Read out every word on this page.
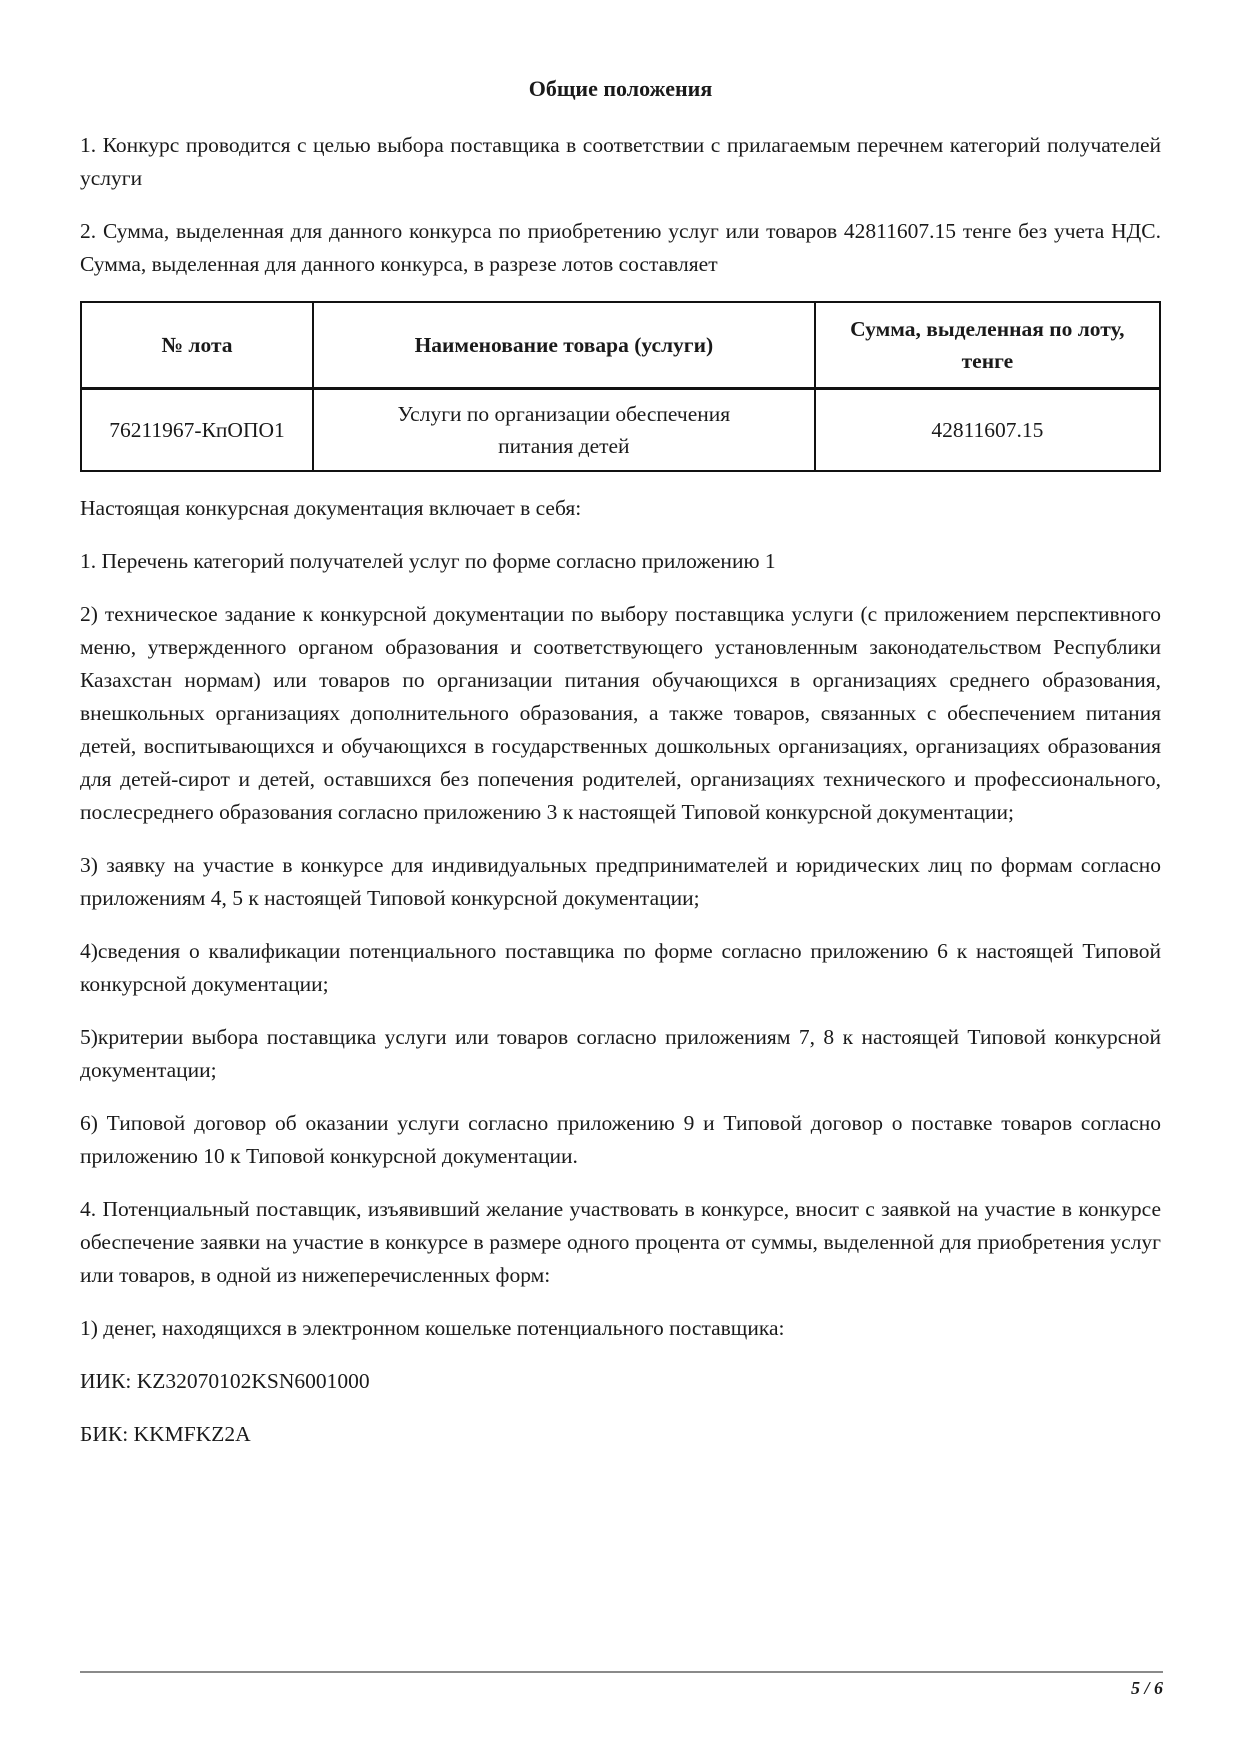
Общие положения

1. Конкурс проводится с целью выбора поставщика в соответствии с прилагаемым перечнем категорий получателей услуги

2. Сумма, выделенная для данного конкурса по приобретению услуг или товаров 42811607.15 тенге без учета НДС. Сумма, выделенная для данного конкурса, в разрезе лотов составляет

№ лота	Наименование товара (услуги)	Сумма, выделенная по лоту, тенге
76211967-КпОПО1	Услуги по организации обеспечения питания детей	42811607.15

Настоящая конкурсная документация включает в себя:

1. Перечень категорий получателей услуг по форме согласно приложению 1

2) техническое задание к конкурсной документации по выбору поставщика услуги (с приложением перспективного меню, утвержденного органом образования и соответствующего установленным законодательством Республики Казахстан нормам) или товаров по организации питания обучающихся в организациях среднего образования, внешкольных организациях дополнительного образования, а также товаров, связанных с обеспечением питания детей, воспитывающихся и обучающихся в государственных дошкольных организациях, организациях образования для детей-сирот и детей, оставшихся без попечения родителей, организациях технического и профессионального, послесреднего образования согласно приложению 3 к настоящей Типовой конкурсной документации;

3) заявку на участие в конкурсе для индивидуальных предпринимателей и юридических лиц по формам согласно приложениям 4, 5 к настоящей Типовой конкурсной документации;

4)сведения о квалификации потенциального поставщика по форме согласно приложению 6 к настоящей Типовой конкурсной документации;

5)критерии выбора поставщика услуги или товаров согласно приложениям 7, 8 к настоящей Типовой конкурсной документации;

6) Типовой договор об оказании услуги согласно приложению 9 и Типовой договор о поставке товаров согласно приложению 10 к Типовой конкурсной документации.

4. Потенциальный поставщик, изъявивший желание участвовать в конкурсе, вносит с заявкой на участие в конкурсе обеспечение заявки на участие в конкурсе в размере одного процента от суммы, выделенной для приобретения услуг или товаров, в одной из нижеперечисленных форм:

1) денег, находящихся в электронном кошельке потенциального поставщика:

ИИК: KZ32070102KSN6001000

БИК: KKMFKZ2A

5 / 6
